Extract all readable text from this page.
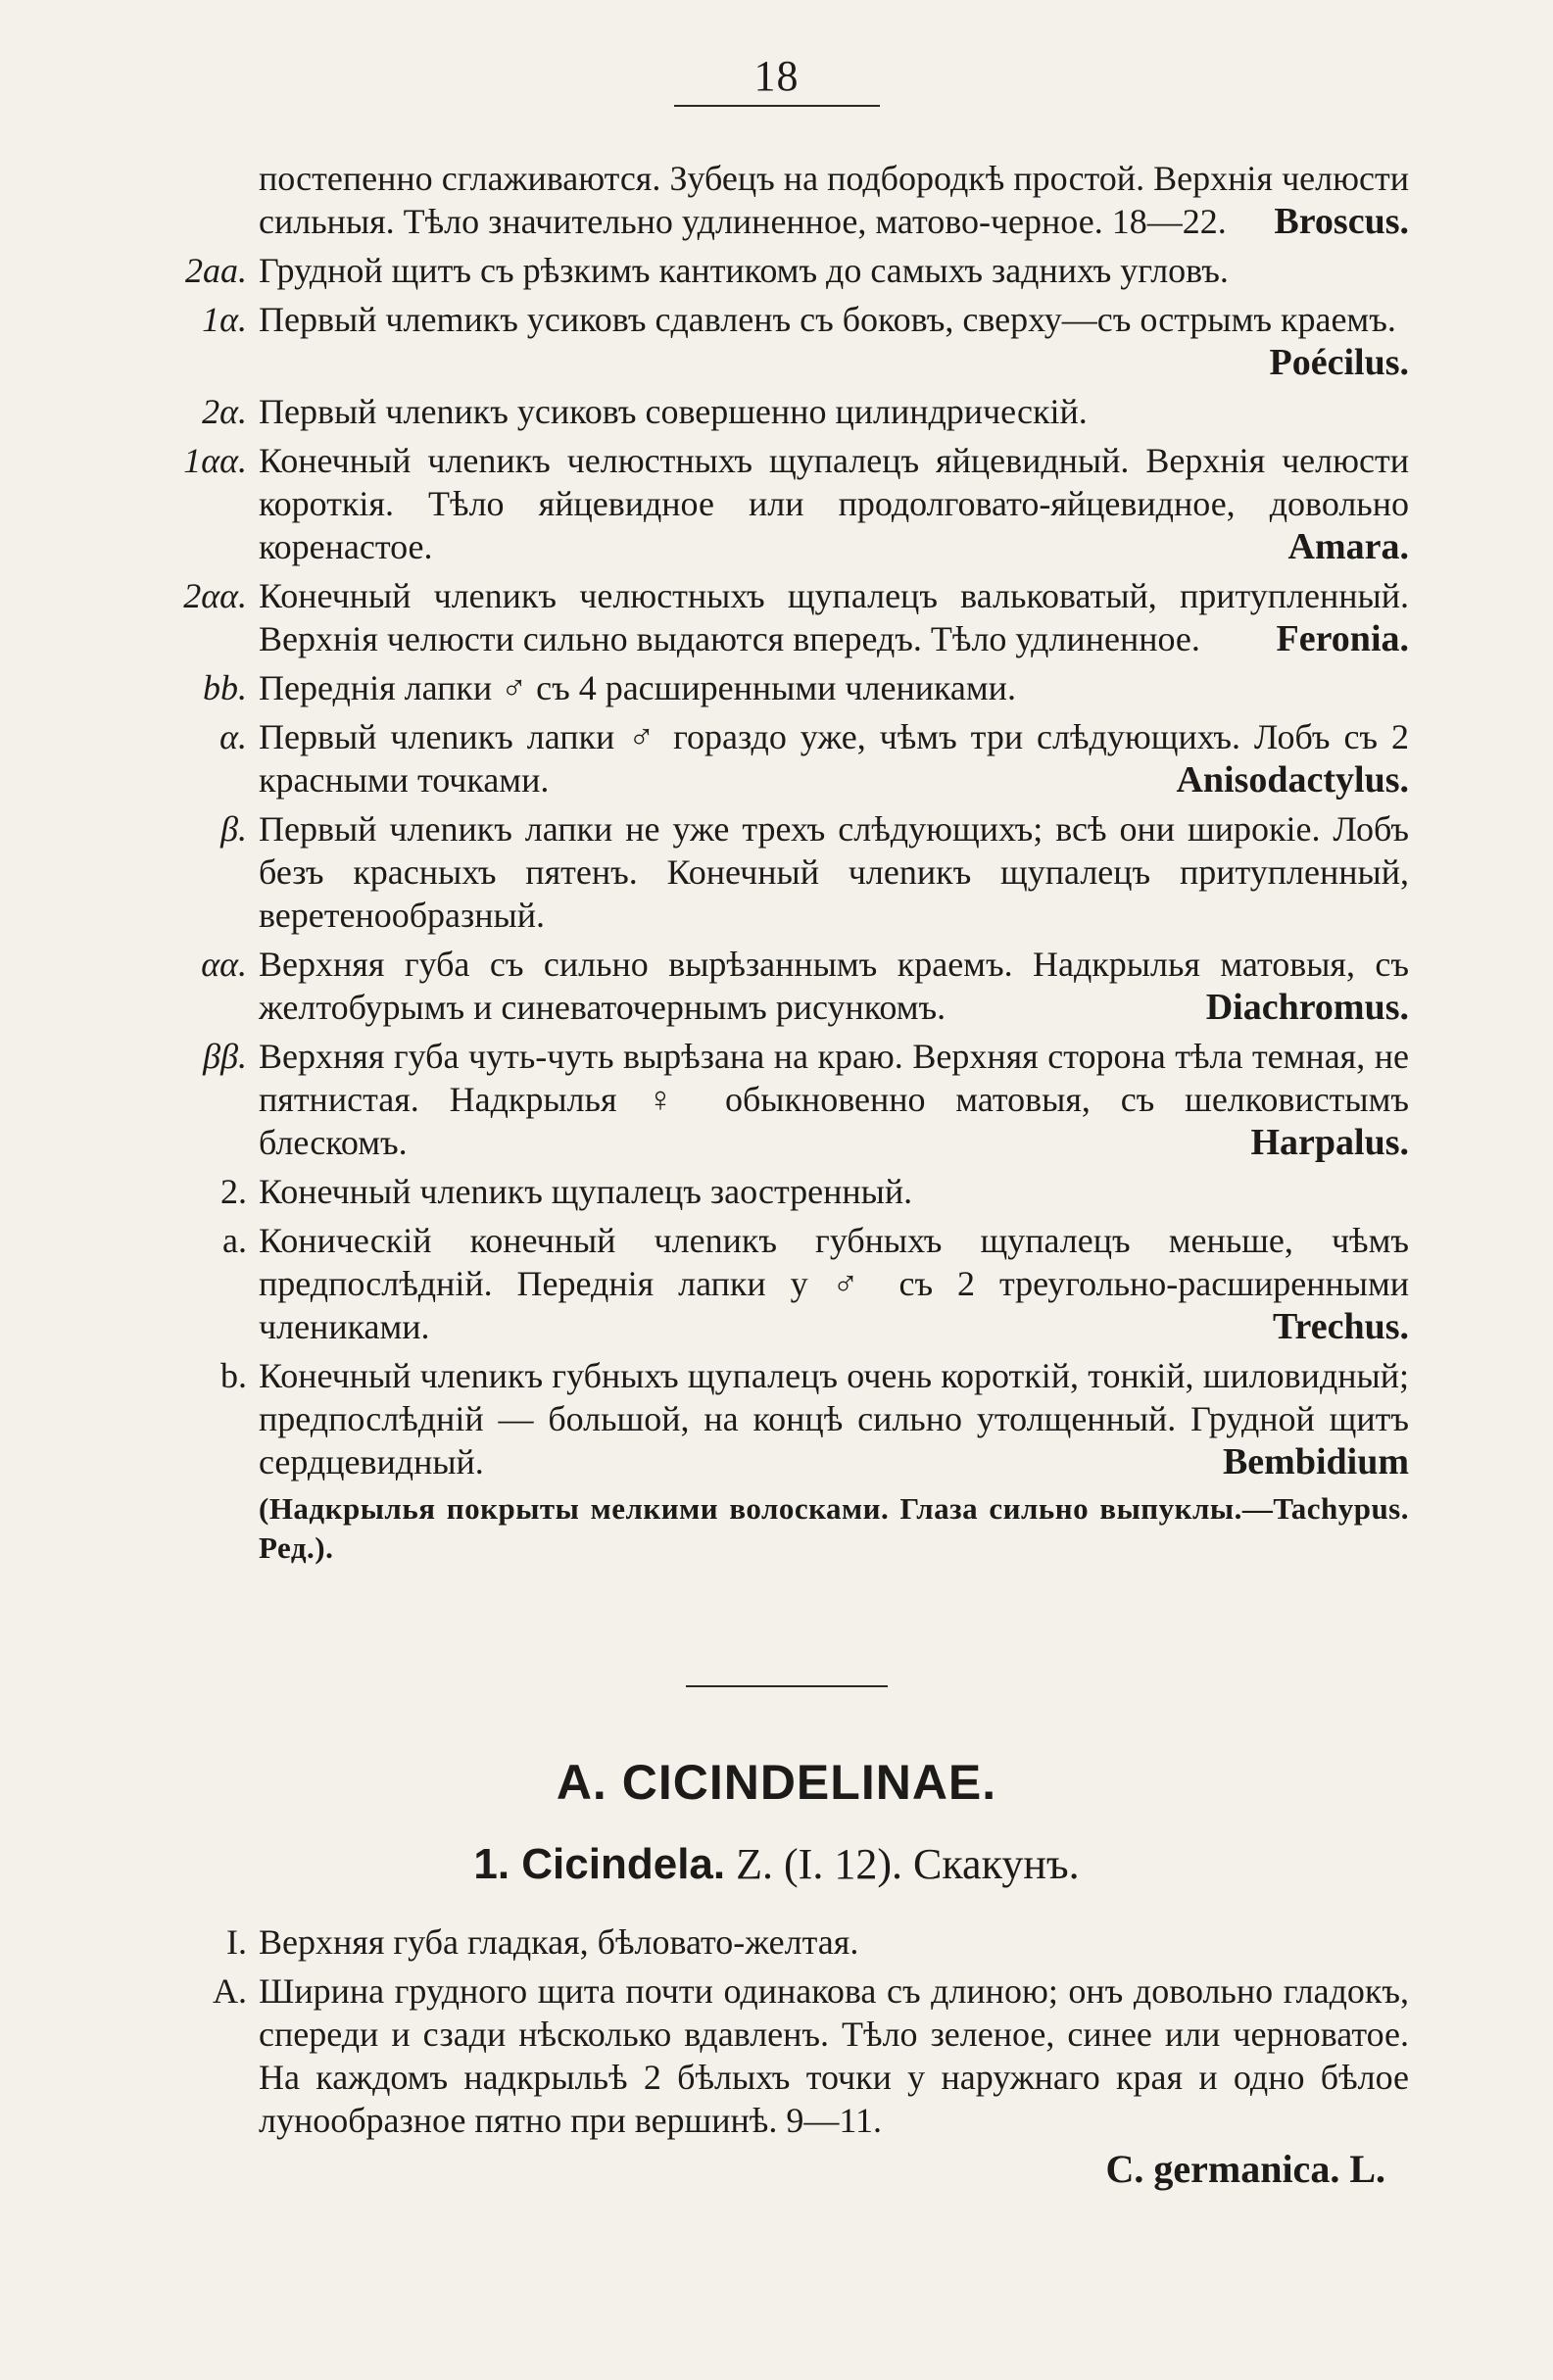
18
постепенно сглаживаются. Зубецъ на подбородкѣ простой. Верхнія челюсти сильныя. Тѣло значительно удлиненное, матово-черное. 18—22. Broscus.
2aa. Грудной щитъ съ рѣзкимъ кантикомъ до самыхъ заднихъ угловъ.
1α. Первый члеmикъ усиковъ сдавленъ съ боковъ, сверху—съ острымъ краемъ.
Poécilus.
2α. Первый члеnикъ усиковъ совершенно цилиндрическій.
1αα. Конечный члеnикъ челюстныхъ щупалецъ яйцевидный. Верхнія челюсти короткія. Тѣло яйцевидное или продолговато-яйцевидное, довольно коренастое.	Amara.
2αα. Конечный члеnикъ челюстныхъ щупалецъ вальковатый, притупленный. Верхнія челюсти сильно выдаются впередъ. Тѣло удлиненное. Feronia.
bb. Переднія лапки ♂ съ 4 расширенными члениками.
α. Первый члеnикъ лапки ♂ гораздо уже, чѣмъ три слѣдующихъ. Лобъ съ 2 красными точками.	Anisodactylus.
β. Первый члеnикъ лапки не уже трехъ слѣдующихъ; всѣ они широкіе. Лобъ безъ красныхъ пятенъ. Конечный члеnикъ щупалецъ притупленный, веретенообразный.
αα. Верхняя губа съ сильно вырѣзаннымъ краемъ. Надкрылья матовыя, съ желтобурымъ и синеваточернымъ рисункомъ.	Diachromus.
ββ. Верхняя губа чуть-чуть вырѣзана на краю. Верхняя сторона тѣла темная, не пятнистая. Надкрылья ♀ обыкновенно матовыя, съ шелковистымъ блескомъ.	Harpalus.
2. Конечный члеnикъ щупалецъ заостренный.
a. Коническій конечный члеnикъ губныхъ щупалецъ меньше, чѣмъ предпослѣдній. Переднія лапки у ♂ съ 2 треугольно-расширенными члениками.	Trechus.
b. Конечный члеnикъ губныхъ щупалецъ очень короткій, тонкій, шиловидный; предпослѣдній — большой, на концѣ сильно утолщенный. Грудной щитъ сердцевидный.	Bembidium
(Надкрылья покрыты мелкими волосками. Глаза сильно выпуклы.—Tachypus. Ред.).
A. CICINDELINAE.
1. Cicindela. Z. (I. 12). Скакунъ.
I. Верхняя губа гладкая, бѣловато-желтая.
A. Ширина грудного щита почти одинакова съ длиною; онъ довольно гладокъ, спереди и сзади нѣсколько вдавленъ. Тѣло зеленое, синее или черноватое. На каждомъ надкрыльѣ 2 бѣлыхъ точки у наружнаго края и одно бѣлое лунообразное пятно при вершинѣ. 9—11.
C. germanica. L.
